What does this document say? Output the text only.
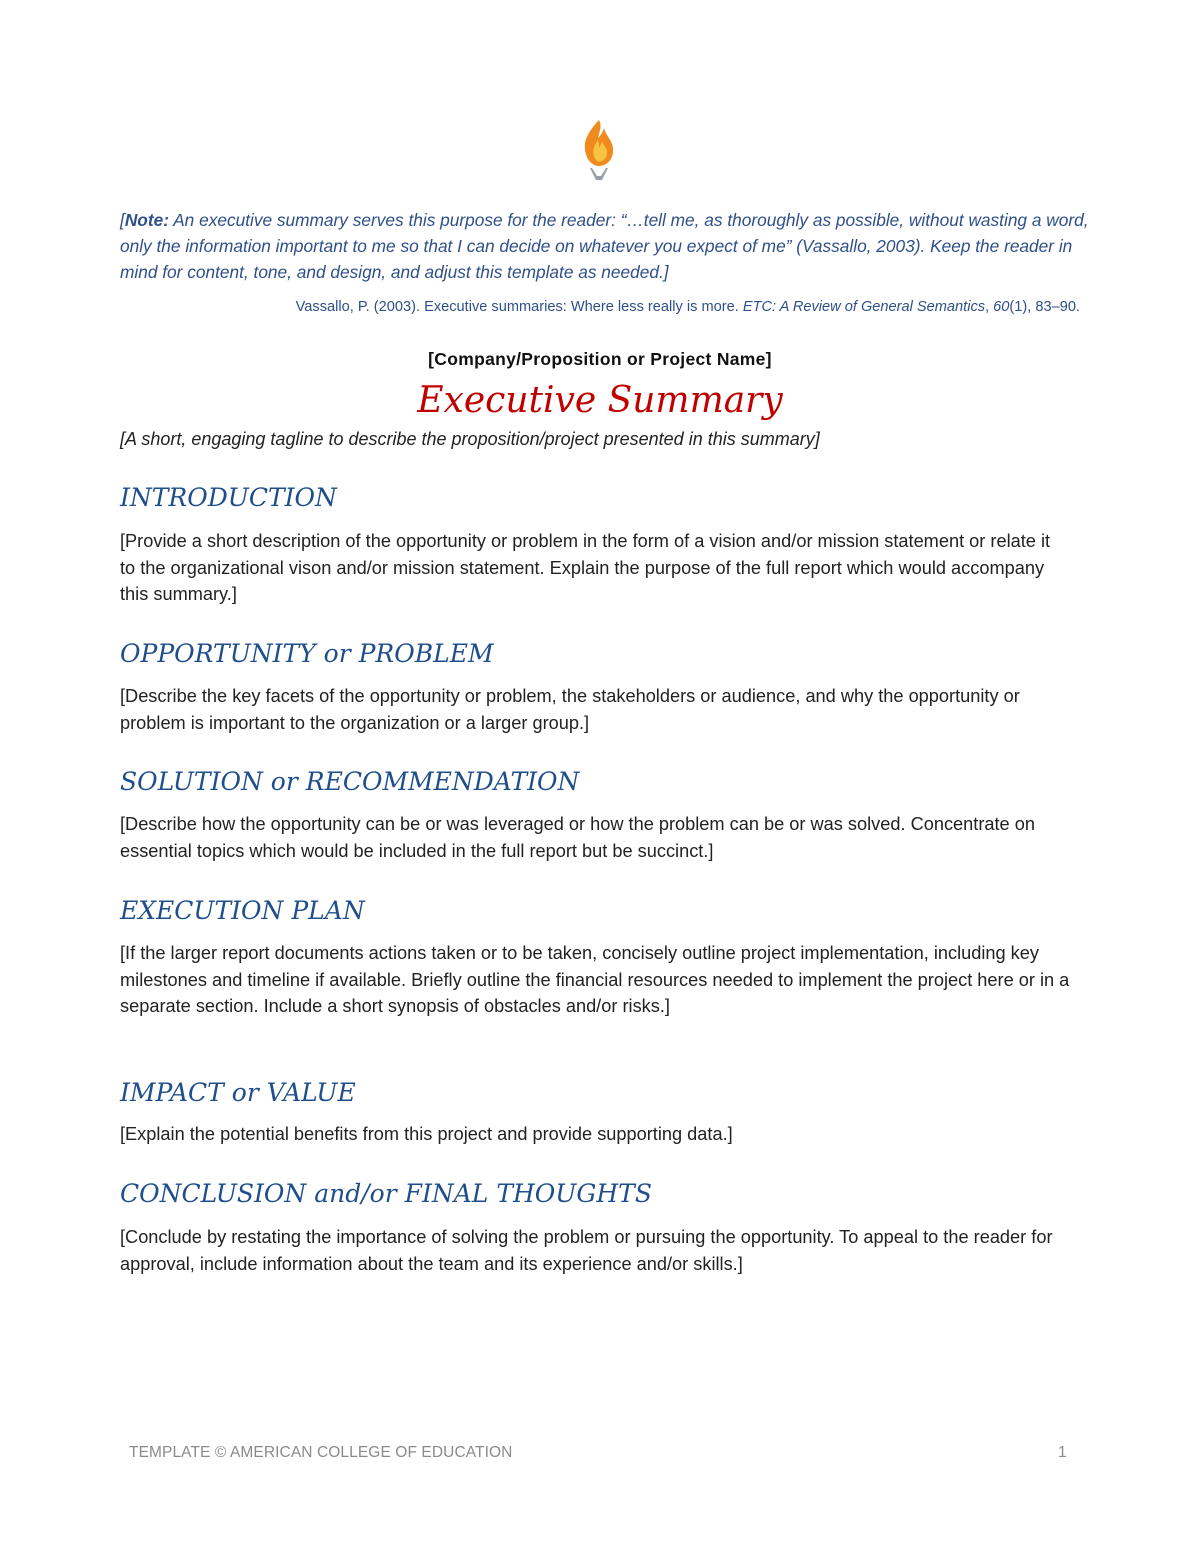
[Note: An executive summary serves this purpose for the reader: “…tell me, as thoroughly as possible, without wasting a word, only the information important to me so that I can decide on whatever you expect of me” (Vassallo, 2003). Keep the reader in mind for content, tone, and design, and adjust this template as needed.]
Vassallo, P. (2003). Executive summaries: Where less really is more. ETC: A Review of General Semantics, 60(1), 83–90.
[Company/Proposition or Project Name]
Executive Summary
[A short, engaging tagline to describe the proposition/project presented in this summary]
INTRODUCTION
[Provide a short description of the opportunity or problem in the form of a vision and/or mission statement or relate it to the organizational vison and/or mission statement. Explain the purpose of the full report which would accompany this summary.]
OPPORTUNITY or PROBLEM
[Describe the key facets of the opportunity or problem, the stakeholders or audience, and why the opportunity or problem is important to the organization or a larger group.]
SOLUTION or RECOMMENDATION
[Describe how the opportunity can be or was leveraged or how the problem can be or was solved. Concentrate on essential topics which would be included in the full report but be succinct.]
EXECUTION PLAN
[If the larger report documents actions taken or to be taken, concisely outline project implementation, including key milestones and timeline if available. Briefly outline the financial resources needed to implement the project here or in a separate section. Include a short synopsis of obstacles and/or risks.]
IMPACT or VALUE
[Explain the potential benefits from this project and provide supporting data.]
CONCLUSION and/or FINAL THOUGHTS
[Conclude by restating the importance of solving the problem or pursuing the opportunity. To appeal to the reader for approval, include information about the team and its experience and/or skills.]
TEMPLATE © AMERICAN COLLEGE OF EDUCATION	1
